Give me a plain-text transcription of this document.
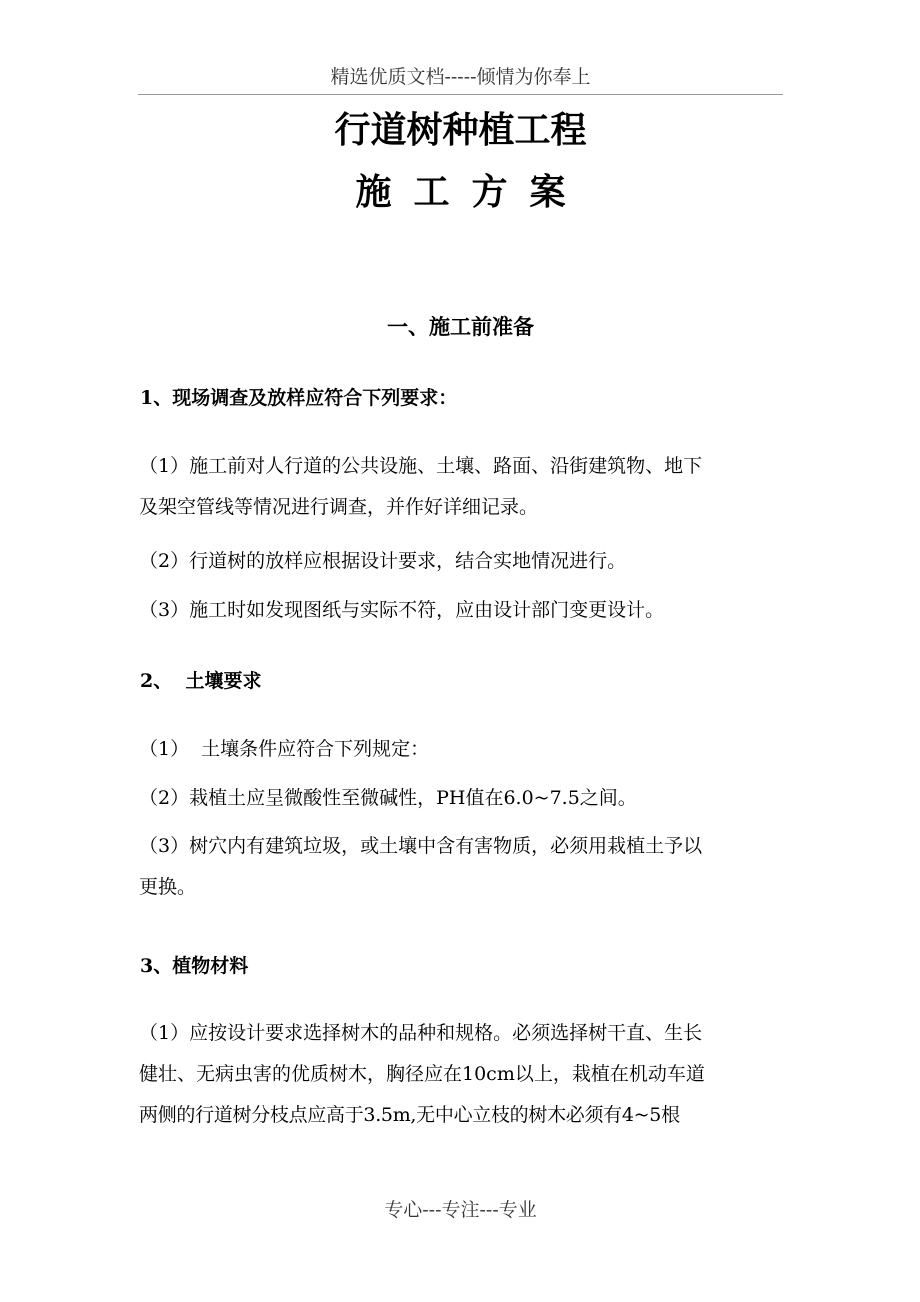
精选优质文档-----倾情为你奉上
行道树种植工程
施工方案
一、施工前准备
1、现场调查及放样应符合下列要求：
（1）施工前对人行道的公共设施、土壤、路面、沿街建筑物、地下
及架空管线等情况进行调查，并作好详细记录。
（2）行道树的放样应根据设计要求，结合实地情况进行。
（3）施工时如发现图纸与实际不符，应由设计部门变更设计。
2、  土壤要求
（1）  土壤条件应符合下列规定：
（2）栽植土应呈微酸性至微碱性，PH值在6.0~7.5之间。
（3）树穴内有建筑垃圾，或土壤中含有害物质，必须用栽植土予以
更换。
3、植物材料
（1）应按设计要求选择树木的品种和规格。必须选择树干直、生长
健壮、无病虫害的优质树木，胸径应在10cm以上，栽植在机动车道
两侧的行道树分枝点应高于3.5m,无中心立枝的树木必须有4~5根
专心---专注---专业
